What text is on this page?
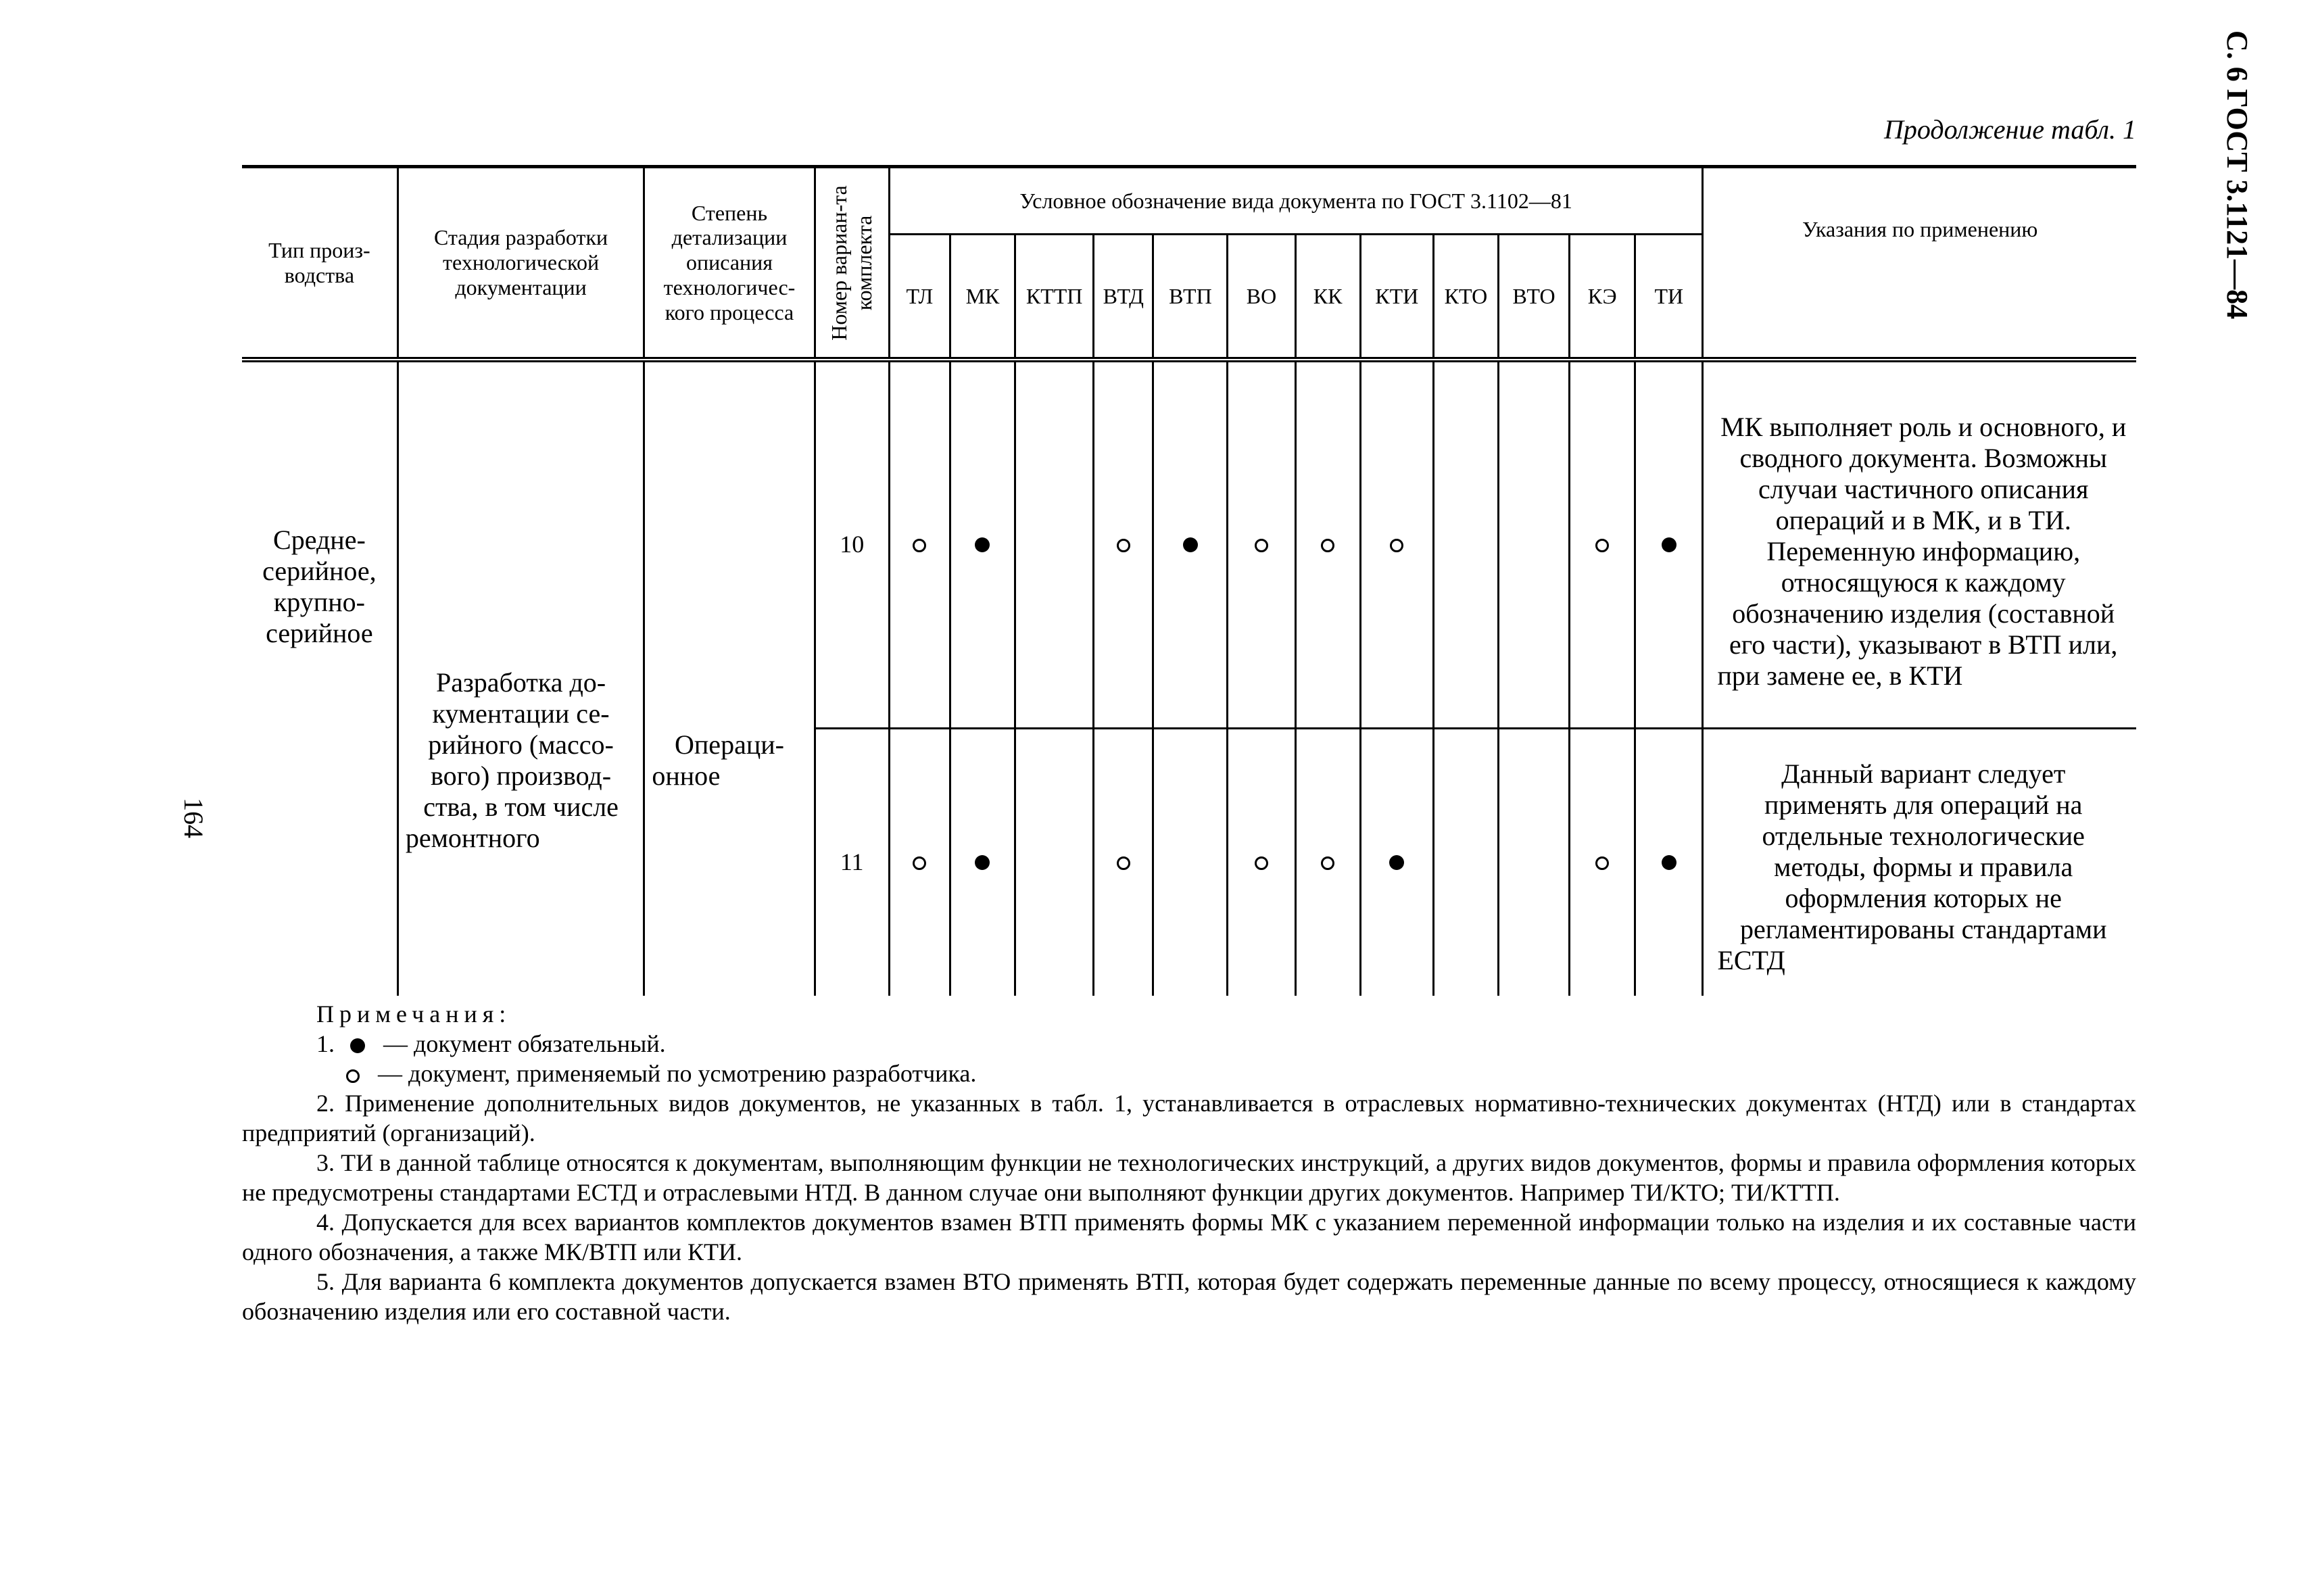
Продолжение табл. 1	С. 6 ГОСТ 3.1121—84
164
Тип произ-водства	Стадия разработки технологической документации	Степень детализации описания технологичес-кого процесса	Номер вариан-та комплекта	Условное обозначение вида документа по ГОСТ 3.1102—81												Указания по применению
				ТЛ	МК	КТТП	ВТД	ВТП	ВО	КК	КТИ	КТО	ВТО	КЭ	ТИ	
Средне-серийное, крупно-серийное	Разработка до-кументации се-рийного (массо-вого) производ-ства, в том числе ремонтного	Операци-онное	10													МК выполняет роль и основного, и сводного документа. Возможны случаи частичного описания операций и в МК, и в ТИ. Переменную информацию, относящуюся к каждому обозначению изделия (составной его части), указывают в ВТП или, при замене ее, в КТИ
			11													Данный вариант следует применять для операций на отдельные технологические методы, формы и правила оформления которых не регламентированы стандартами ЕСТД

Примечания:

1. — документ обязательный.

— документ, применяемый по усмотрению разработчика.

2. Применение дополнительных видов документов, не указанных в табл. 1, устанавливается в отраслевых нормативно-технических документах (НТД) или в стандартах предприятий (организаций).

3. ТИ в данной таблице относятся к документам, выполняющим функции не технологических инструкций, а других видов документов, формы и правила оформления которых не предусмотрены стандартами ЕСТД и отраслевыми НТД. В данном случае они выполняют функции других документов. Например ТИ/КТО; ТИ/КТТП.

4. Допускается для всех вариантов комплектов документов взамен ВТП применять формы МК с указанием переменной информации только на изделия и их составные части одного обозначения, а также МК/ВТП или КТИ.

5. Для варианта 6 комплекта документов допускается взамен ВТО применять ВТП, которая будет содержать переменные данные по всему процессу, относящиеся к каждому обозначению изделия или его составной части.
